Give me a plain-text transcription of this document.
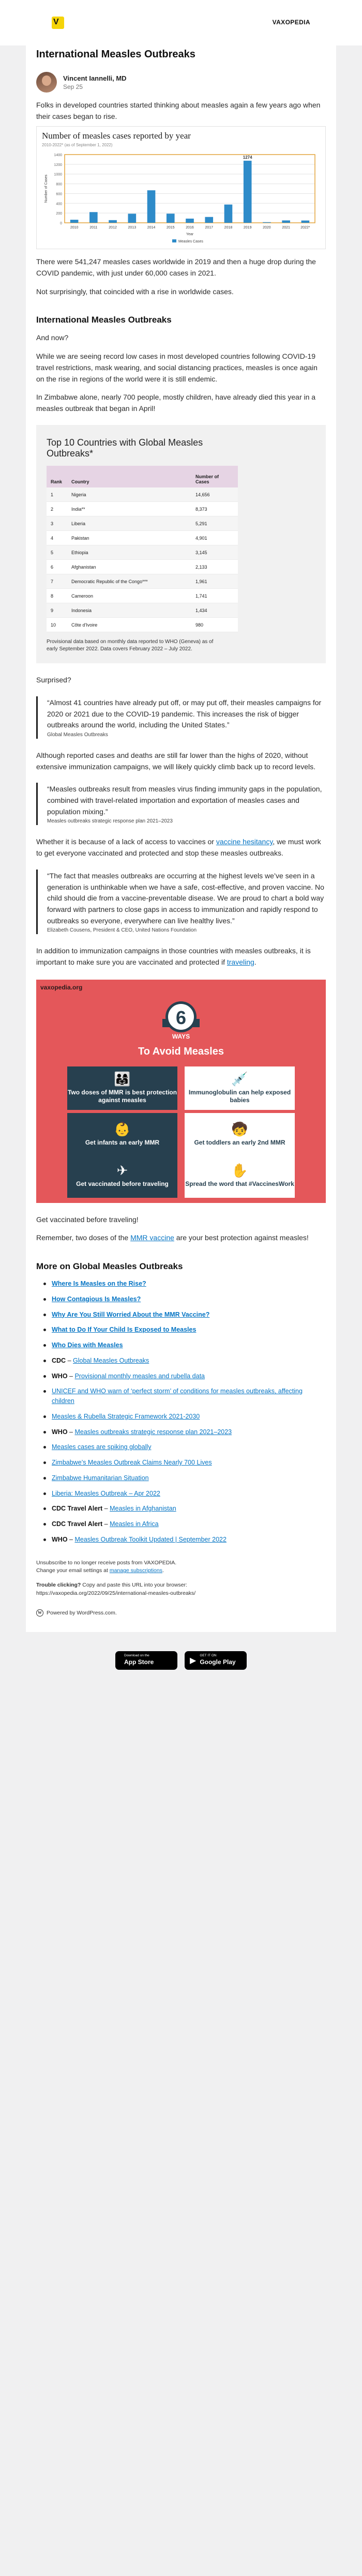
V	VAXOPEDIA
International Measles Outbreaks
Vincent Iannelli, MD
Sep 25

Folks in developed countries started thinking about measles again a few years ago when their cases began to rise.

Number of measles cases reported by year
2010-2022* (as of September 1, 2022)
0
200
400
600
800
1000
1200
1400
2010	2011	2012	2013	2014	2015	2016	2017	2018	2019
1274
2020	2021	2022*
Number of Cases
Year
Measles Cases

There were 541,247 measles cases worldwide in 2019 and then a huge drop during the COVID pandemic, with just under 60,000 cases in 2021.

Not surprisingly, that coincided with a rise in worldwide cases.

International Measles Outbreaks

And now?

While we are seeing record low cases in most developed countries following COVID-19 travel restrictions, mask wearing, and social distancing practices, measles is once again on the rise in regions of the world were it is still endemic.

In Zimbabwe alone, nearly 700 people, mostly children, have already died this year in a measles outbreak that began in April!

Top 10 Countries with Global Measles Outbreaks*
Rank	Country	Number of Cases
1	Nigeria	14,656
2	India**	8,373
3	Liberia	5,291
4	Pakistan	4,901
5	Ethiopia	3,145
6	Afghanistan	2,133
7	Democratic Republic of the Congo***	1,961
8	Cameroon	1,741
9	Indonesia	1,434
10	Côte d'Ivoire	980
Provisional data based on monthly data reported to WHO (Geneva) as of early September 2022. Data covers February 2022 – July 2022.

Surprised?

“Almost 41 countries have already put off, or may put off, their measles campaigns for 2020 or 2021 due to the COVID-19 pandemic. This increases the risk of bigger outbreaks around the world, including the United States.”
Global Measles Outbreaks

Although reported cases and deaths are still far lower than the highs of 2020, without extensive immunization campaigns, we will likely quickly climb back up to record levels.

“Measles outbreaks result from measles virus finding immunity gaps in the population, combined with travel-related importation and exportation of measles cases and population mixing.”
Measles outbreaks strategic response plan 2021–2023

Whether it is because of a lack of access to vaccines or vaccine hesitancy, we must work to get everyone vaccinated and protected and stop these measles outbreaks.

“The fact that measles outbreaks are occurring at the highest levels we’ve seen in a generation is unthinkable when we have a safe, cost-effective, and proven vaccine. No child should die from a vaccine-preventable disease. We are proud to chart a bold way forward with partners to close gaps in access to immunization and rapidly respond to outbreaks so everyone, everywhere can live healthy lives.”
Elizabeth Cousens, President & CEO, United Nations Foundation

In addition to immunization campaigns in those countries with measles outbreaks, it is important to make sure you are vaccinated and protected if traveling.

vaxopedia.org
6
WAYS
To Avoid Measles
👨‍👩‍👧
Two doses of MMR is best protection against measles
💉
Immunoglobulin can help exposed babies
👶
Get infants an early MMR
🧒
Get toddlers an early 2nd MMR
✈
Get vaccinated before traveling
✋
Spread the word that #VaccinesWork

Get vaccinated before traveling!

Remember, two doses of the MMR vaccine are your best protection against measles!

More on Global Measles Outbreaks
Where Is Measles on the Rise?
How Contagious Is Measles?
Why Are You Still Worried About the MMR Vaccine?
What to Do If Your Child Is Exposed to Measles
Who Dies with Measles
CDC – Global Measles Outbreaks
WHO – Provisional monthly measles and rubella data
UNICEF and WHO warn of ‘perfect storm’ of conditions for measles outbreaks, affecting children
Measles & Rubella Strategic Framework 2021-2030
WHO – Measles outbreaks strategic response plan 2021–2023
Measles cases are spiking globally
Zimbabwe’s Measles Outbreak Claims Nearly 700 Lives
Zimbabwe Humanitarian Situation
Liberia: Measles Outbreak – Apr 2022
CDC Travel Alert – Measles in Afghanistan
CDC Travel Alert – Measles in Africa
WHO – Measles Outbreak Toolkit Updated | September 2022
Unsubscribe to no longer receive posts from VAXOPEDIA.
Change your email settings at manage subscriptions.
Trouble clicking? Copy and paste this URL into your browser:
https://vaxopedia.org/2022/09/25/international-measles-outbreaks/
W Powered by WordPress.com.
Download on the
App Store	▶
GET IT ON
Google Play
